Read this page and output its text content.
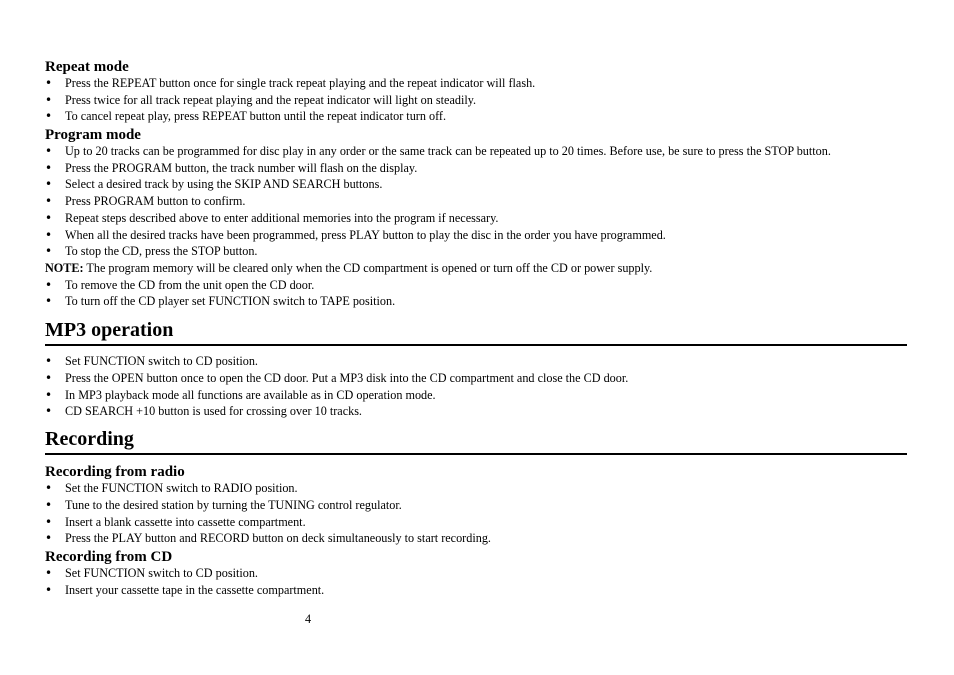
Repeat mode
•	Press the REPEAT button once for single track repeat playing and the repeat indicator will flash.
•	Press twice for all track repeat playing and the repeat indicator will light on steadily.
•	To cancel repeat play, press REPEAT button until the repeat indicator turn off.
Program mode
•	Up to 20 tracks can be programmed for disc play in any order or the same track can be repeated up to 20 times. Before use, be sure to press the STOP button.
•	Press the PROGRAM button, the track number will flash on the display.
•	Select a desired track by using the SKIP AND SEARCH buttons.
•	Press PROGRAM button to confirm.
•	Repeat steps described above to enter additional memories into the program if necessary.
•	When all the desired tracks have been programmed, press PLAY button to play the disc in the order you have programmed.
•	To stop the CD, press the STOP button.
NOTE: The program memory will be cleared only when the CD compartment is opened or turn off the CD or power supply.
•	To remove the CD from the unit open the CD door.
•	To turn off the CD player set FUNCTION switch to TAPE position.
MP3 operation
•	Set FUNCTION switch to CD position.
•	Press the OPEN button once to open the CD door. Put a MP3 disk into the CD compartment and close the CD door.
•	In MP3 playback mode all functions are available as in CD operation mode.
•	CD SEARCH +10 button is used for crossing over 10 tracks.
Recording
Recording from radio
•	Set the FUNCTION switch to RADIO position.
•	Tune to the desired station by turning the TUNING control regulator.
•	Insert a blank cassette into cassette compartment.
•	Press the PLAY button and RECORD button on deck simultaneously to start recording.
Recording from CD
•	Set FUNCTION switch to CD position.
•	Insert your cassette tape in the cassette compartment.
4
